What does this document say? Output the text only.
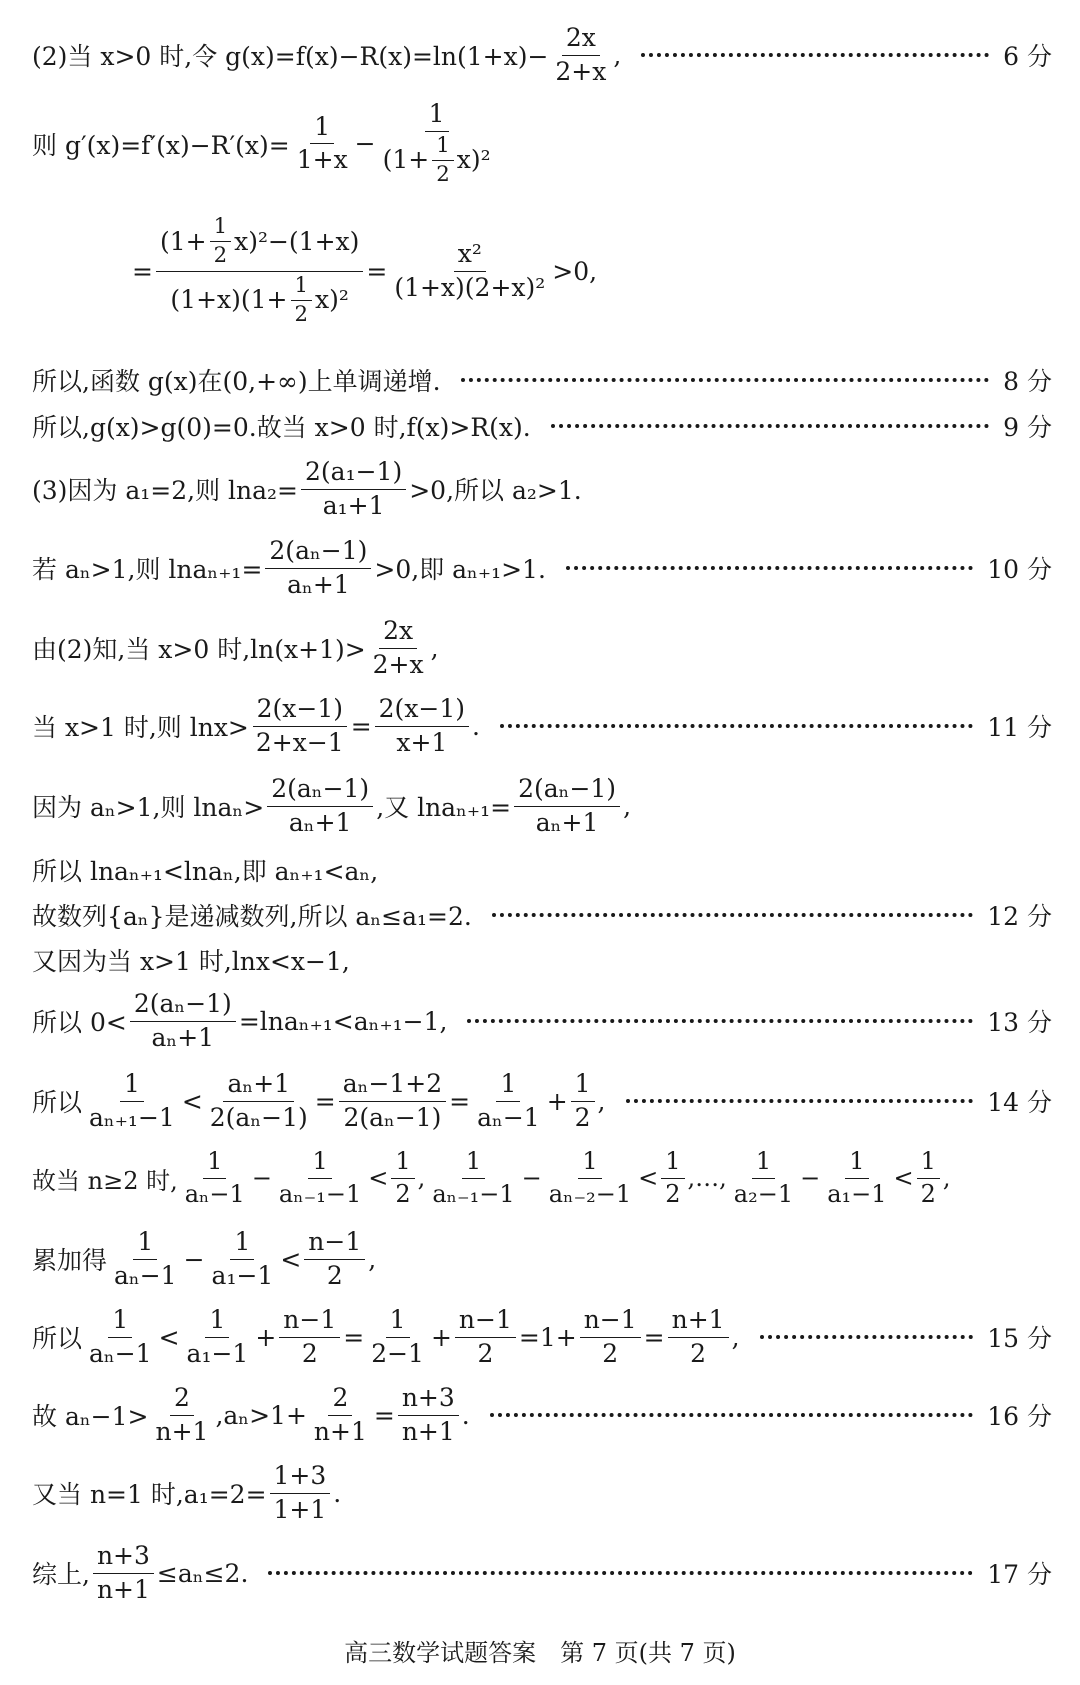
(2)当 x>0 时,令 $g(x)=f(x)-R(x)=\ln(1+x)- \frac{2x}{2+x}$ ,	6 分
则 $g'(x)=f'(x)-R'(x)= \frac{1}{1+x} - \frac{1}{(1+ \frac{1}{2} x)^2}$
= $\frac{(1+ \frac{1}{2} x)^2-(1+x)}{(1+x)(1+ \frac{1}{2} x)^2} = \frac{\text{x²}}{\text{(1+x)(2+x)²}} >0$,
所以,函数 g(x)在(0,+∞)上单调递增.	8 分
所以,g(x)>g(0)=0.故当 x>0 时,f(x)>R(x).	9 分
(3)因为 a₁=2,则 $\ln a_2= \frac{\text{2(a₁−1)}}{\text{a₁+1}} >0$,所以 a₂>1.
若 aₙ>1,则 $\ln a_{n+1}= \frac{\text{2(aₙ−1)}}{\text{aₙ+1}} >0$,即 aₙ₊₁>1.	10 分
由(2)知,当 x>0 时$,\ln(x+1)> \frac{2x}{2+x}$ ,
当 x>1 时,则 $\ln x> \frac{2(x-1)}{2+x-1} = \frac{2(x-1)}{x+1}$ .	11 分
因为 aₙ>1,则 $\ln a_n> \frac{\text{2(aₙ−1)}}{\text{aₙ+1}}$ ,又 $\ln a_{n+1}= \frac{\text{2(aₙ−1)}}{\text{aₙ+1}}$ ,
所以 lnaₙ₊₁<lnaₙ,即 aₙ₊₁<aₙ,
故数列{aₙ}是递减数列,所以 aₙ≤a₁=2.	12 分
又因为当 x>1 时,lnx<x−1,
所以 $0< \frac{\text{2(aₙ−1)}}{\text{aₙ+1}} =\ln a_{n+1}<a_{n+1}-1$,	13 分
所以 $\frac{1}{\text{aₙ₊₁−1}} < \frac{\text{aₙ+1}}{\text{2(aₙ−1)}} = \frac{\text{aₙ−1+2}}{\text{2(aₙ−1)}} = \frac{1}{\text{aₙ−1}} + \frac{1}{2}$ ,	14 分
故当 n≥2 时, $\frac{1}{\text{aₙ−1}} - \frac{1}{\text{aₙ₋₁−1}} < \frac{1}{2}$ , $\frac{1}{\text{aₙ₋₁−1}} - \frac{1}{\text{aₙ₋₂−1}} < \frac{1}{2}$ ,…, $\frac{1}{\text{a₂−1}} - \frac{1}{\text{a₁−1}} < \frac{1}{2}$ ,
累加得 $\frac{1}{\text{aₙ−1}} - \frac{1}{\text{a₁−1}} < \frac{n-1}{2}$ ,
所以 $\frac{1}{\text{aₙ−1}} < \frac{1}{\text{a₁−1}} + \frac{n-1}{2} = \frac{1}{2-1} + \frac{n-1}{2} =1+ \frac{n-1}{2} = \frac{n+1}{2}$ ,	15 分
故 $a_n-1> \frac{2}{n+1} ,a_n>1+ \frac{2}{n+1} = \frac{n+3}{n+1}$ .	16 分
又当 n=1 时$,a_1=2= \frac{1+3}{1+1}$ .
综上, $\frac{n+3}{n+1} \le a_n\le 2$.	17 分
高三数学试题答案　第 7 页(共 7 页)
